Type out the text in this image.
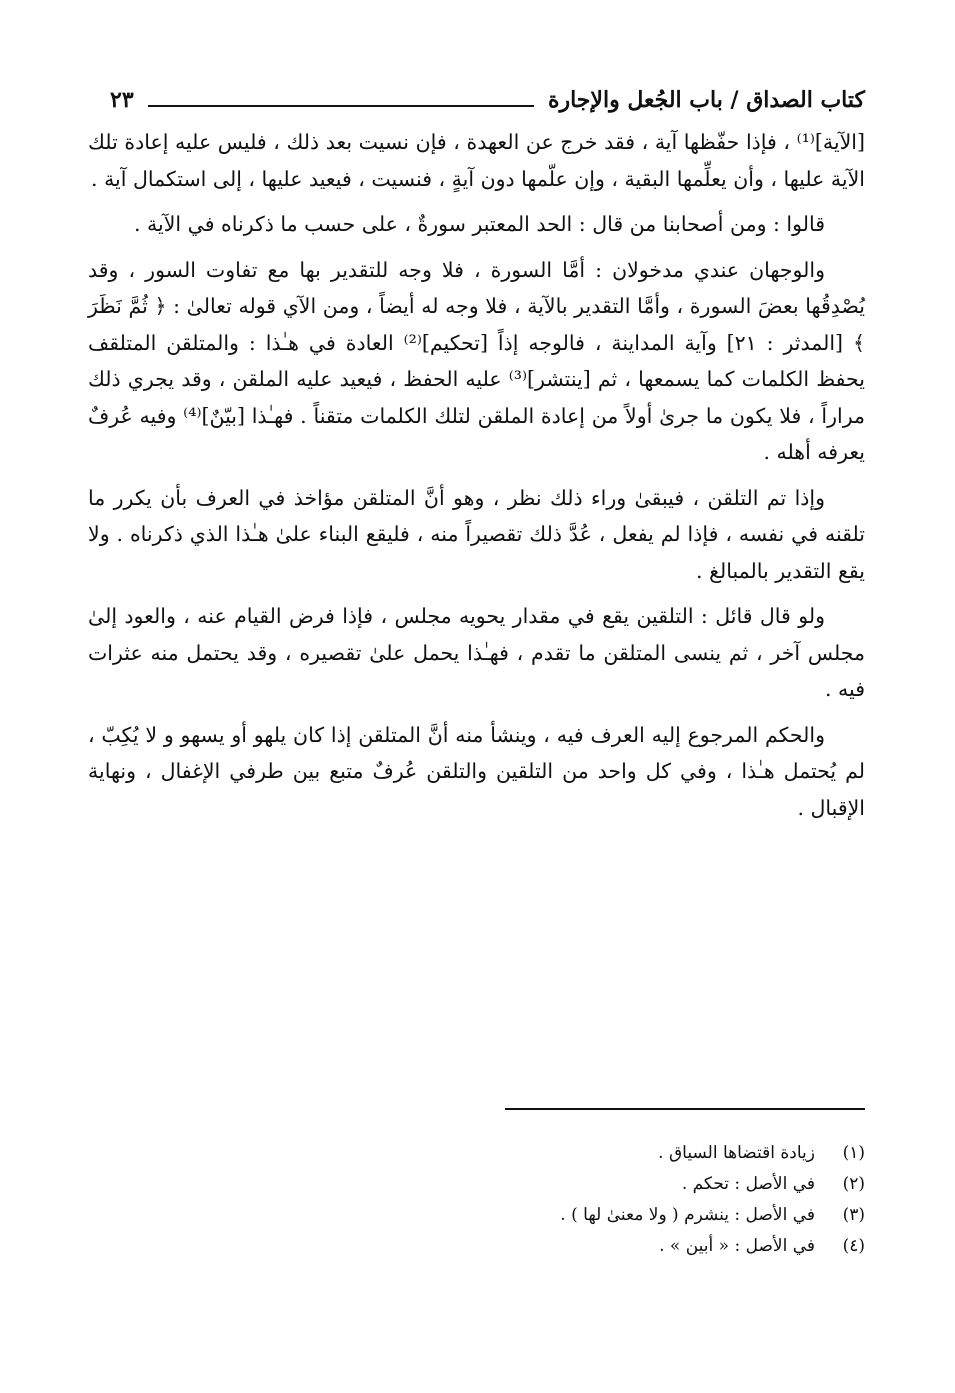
كتاب الصداق / باب الجُعل والإجارة
٢٣

[الآية]⁽¹⁾ ، فإذا حفّظها آية ، فقد خرج عن العهدة ، فإن نسيت بعد ذلك ، فليس عليه إعادة تلك الآية عليها ، وأن يعلِّمها البقية ، وإن علّمها دون آيةٍ ، فنسيت ، فيعيد عليها ، إلى استكمال آية .

قالوا : ومن أصحابنا من قال : الحد المعتبر سورةٌ ، على حسب ما ذكرناه في الآية .

والوجهان عندي مدخولان : أمَّا السورة ، فلا وجه للتقدير بها مع تفاوت السور ، وقد يُصْدِقُها بعضَ السورة ، وأمَّا التقدير بالآية ، فلا وجه له أيضاً ، ومن الآي قوله تعالىٰ : ﴿ ثُمَّ نَظَرَ ﴾ [المدثر : ٢١] وآية المداينة ، فالوجه إذاً [تحكيم]⁽²⁾ العادة في هـٰذا : والمتلقن المتلقف يحفظ الكلمات كما يسمعها ، ثم [ينتشر]⁽³⁾ عليه الحفظ ، فيعيد عليه الملقن ، وقد يجري ذلك مراراً ، فلا يكون ما جرىٰ أولاً من إعادة الملقن لتلك الكلمات متقناً . فهـٰذا [بيّنٌ]⁽⁴⁾ وفيه عُرفٌ يعرفه أهله .

وإذا تم التلقن ، فيبقىٰ وراء ذلك نظر ، وهو أنَّ المتلقن مؤاخذ في العرف بأن يكرر ما تلقنه في نفسه ، فإذا لم يفعل ، عُدَّ ذلك تقصيراً منه ، فليقع البناء علىٰ هـٰذا الذي ذكرناه . ولا يقع التقدير بالمبالغ .

ولو قال قائل : التلقين يقع في مقدار يحويه مجلس ، فإذا فرض القيام عنه ، والعود إلىٰ مجلس آخر ، ثم ينسى المتلقن ما تقدم ، فهـٰذا يحمل علىٰ تقصيره ، وقد يحتمل منه عثرات فيه .

والحكم المرجوع إليه العرف فيه ، وينشأ منه أنَّ المتلقن إذا كان يلهو أو يسهو و لا يُكِبّ ، لم يُحتمل هـٰذا ، وفي كل واحد من التلقين والتلقن عُرفٌ متبع بين طرفي الإغفال ، ونهاية الإقبال .

(١)
زيادة اقتضاها السياق .
(٢)
في الأصل : تحكم .
(٣)
في الأصل : ينشرم ( ولا معنىٰ لها ) .
(٤)
في الأصل : « أبين » .
